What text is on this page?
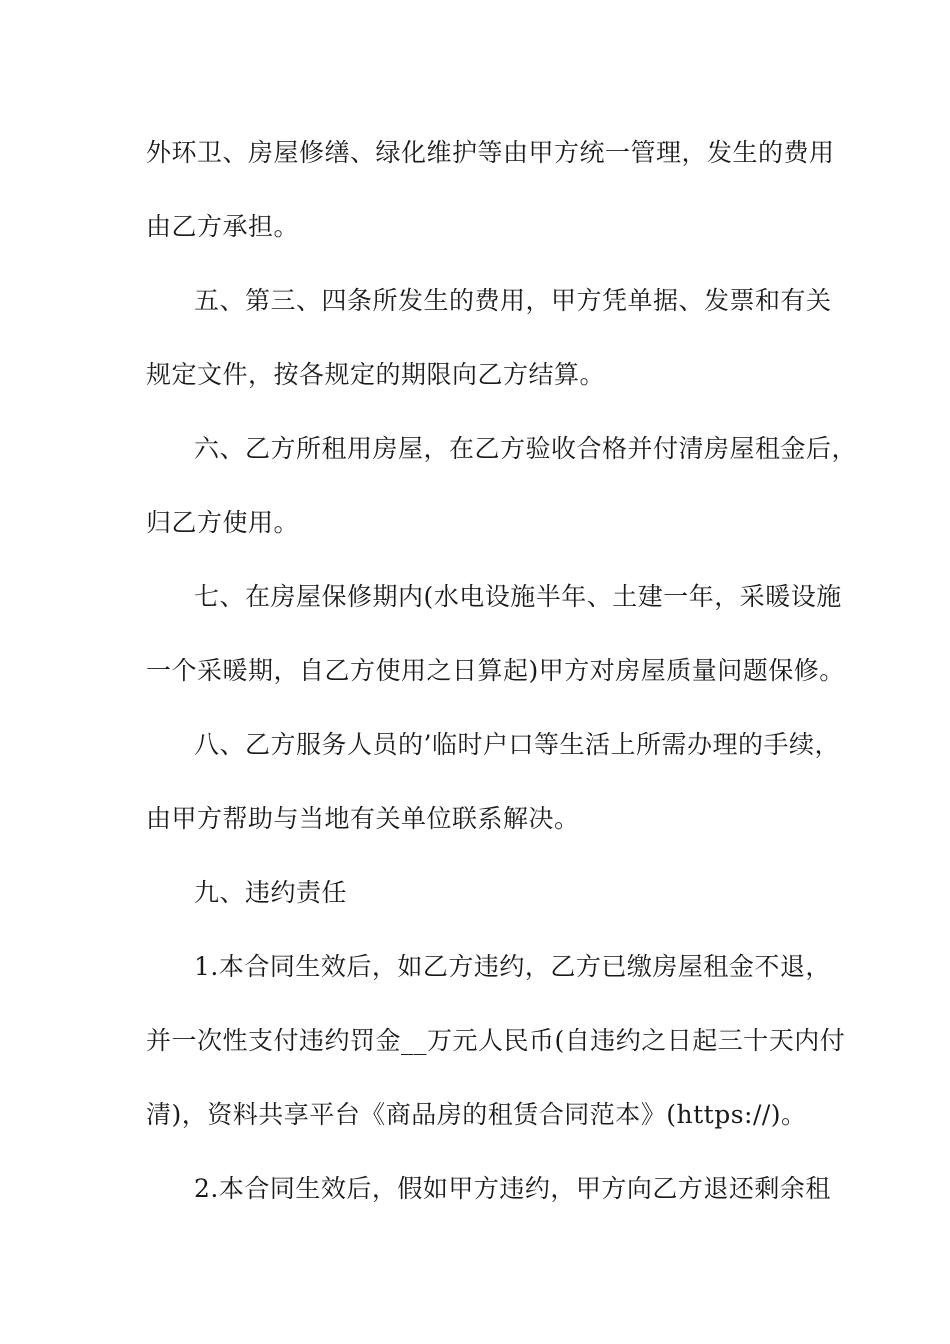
外环卫、房屋修缮、绿化维护等由甲方统一管理，发生的费用
由乙方承担。
五、第三、四条所发生的费用，甲方凭单据、发票和有关
规定文件，按各规定的期限向乙方结算。
六、乙方所租用房屋，在乙方验收合格并付清房屋租金后，
归乙方使用。
七、在房屋保修期内(水电设施半年、土建一年，采暖设施
一个采暖期，自乙方使用之日算起)甲方对房屋质量问题保修。
八、乙方服务人员的’临时户口等生活上所需办理的手续，
由甲方帮助与当地有关单位联系解决。
九、违约责任
1.本合同生效后，如乙方违约，乙方已缴房屋租金不退，
并一次性支付违约罚金__万元人民币(自违约之日起三十天内付
清)，资料共享平台《商品房的租赁合同范本》(https://)。
2.本合同生效后，假如甲方违约，甲方向乙方退还剩余租
